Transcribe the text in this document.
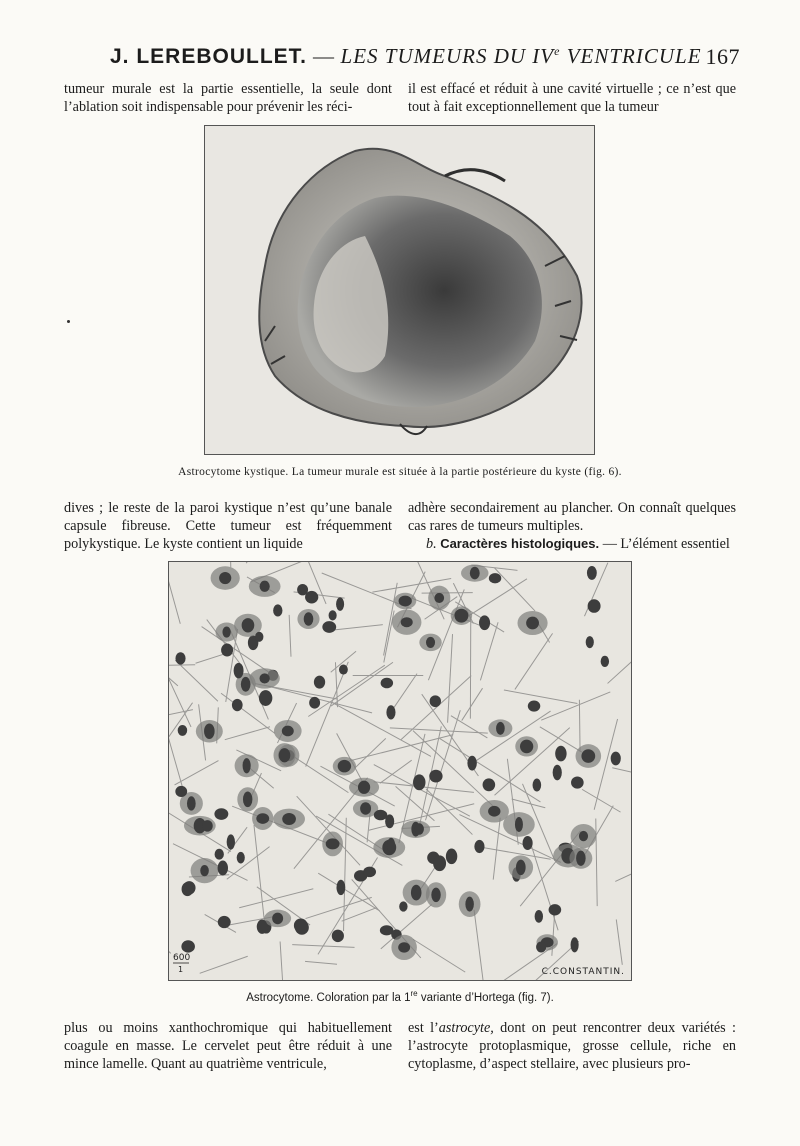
J. LEREBOULLET. — LES TUMEURS DU IVe VENTRICULE 167

tumeur murale est la partie essentielle, la seule dont l’ablation soit indispensable pour prévenir les réci-

il est effacé et réduit à une cavité virtuelle ; ce n’est que tout à fait exceptionnellement que la tumeur

Astrocytome kystique. La tumeur murale est située à la partie postérieure du kyste (fig. 6).

dives ; le reste de la paroi kystique n’est qu’une banale capsule fibreuse. Cette tumeur est fréquemment polykystique. Le kyste contient un liquide

adhère secondairement au plancher. On connaît quelques cas rares de tumeurs multiples.

b. Caractères histologiques. — L’élément essentiel

600
1	C.CONSTANTIN.
Astrocytome. Coloration par la 1re variante d’Hortega (fig. 7).

plus ou moins xanthochromique qui habituellement coagule en masse. Le cervelet peut être réduit à une mince lamelle. Quant au quatrième ventricule,

est l’astrocyte, dont on peut rencontrer deux variétés : l’astrocyte protoplasmique, grosse cellule, riche en cytoplasme, d’aspect stellaire, avec plusieurs pro-
